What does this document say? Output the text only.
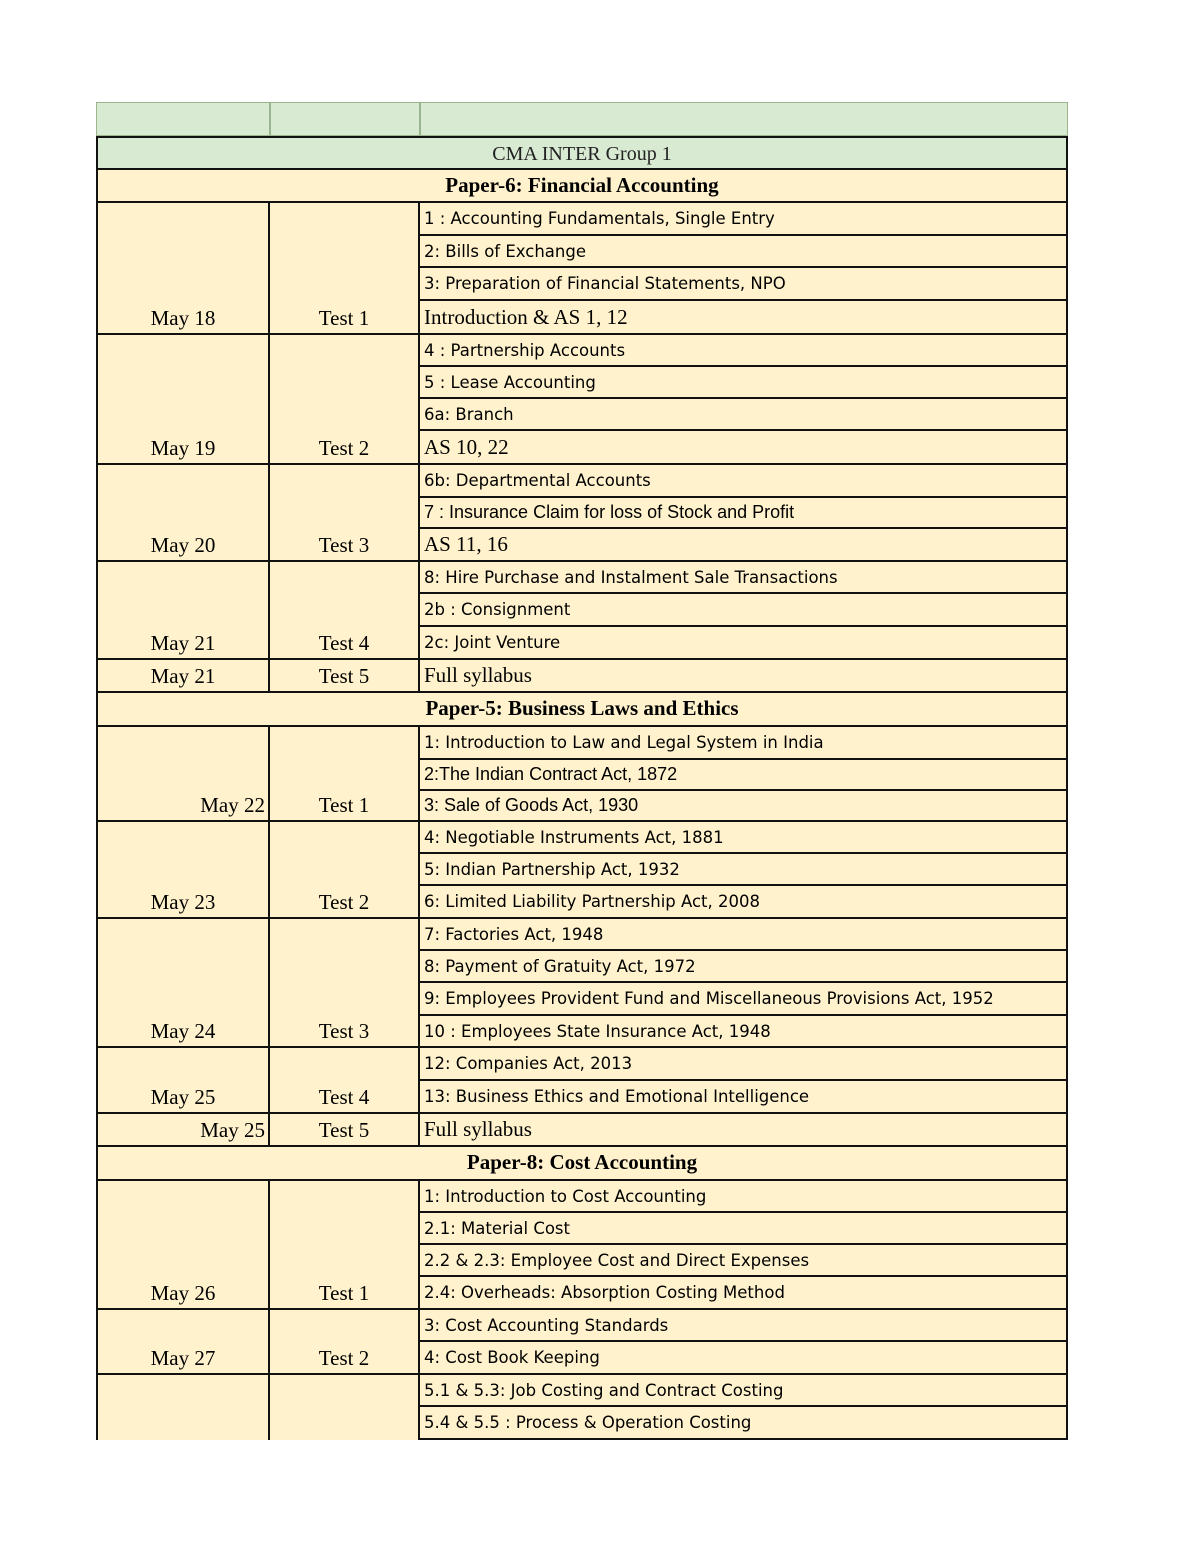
CMA INTER Group 1
Paper-6: Financial Accounting
May 18	Test 1
1 : Accounting Fundamentals, Single Entry
2: Bills of Exchange
3: Preparation of Financial Statements, NPO
Introduction & AS 1, 12
May 19	Test 2
4 : Partnership Accounts
5 : Lease Accounting
6a: Branch
AS 10, 22
May 20	Test 3
6b: Departmental Accounts
7 : Insurance Claim for loss of Stock and Profit
AS 11, 16
May 21	Test 4
8: Hire Purchase and Instalment Sale Transactions
2b : Consignment
2c: Joint Venture
May 21	Test 5	Full syllabus
Paper-5: Business Laws and Ethics
May 22	Test 1
1: Introduction to Law and Legal System in India
2:The Indian Contract Act, 1872
3: Sale of Goods Act, 1930
May 23	Test 2
4: Negotiable Instruments Act, 1881
5: Indian Partnership Act, 1932
6: Limited Liability Partnership Act, 2008
May 24	Test 3
7: Factories Act, 1948
8: Payment of Gratuity Act, 1972
9: Employees Provident Fund and Miscellaneous Provisions Act, 1952
10 : Employees State Insurance Act, 1948
May 25	Test 4
12: Companies Act, 2013
13: Business Ethics and Emotional Intelligence
May 25	Test 5	Full syllabus
Paper-8: Cost Accounting
May 26	Test 1
1: Introduction to Cost Accounting
2.1: Material Cost
2.2 & 2.3: Employee Cost and Direct Expenses
2.4: Overheads: Absorption Costing Method
May 27	Test 2
3: Cost Accounting Standards
4: Cost Book Keeping
5.1 & 5.3: Job Costing and Contract Costing
5.4 & 5.5 : Process & Operation Costing
